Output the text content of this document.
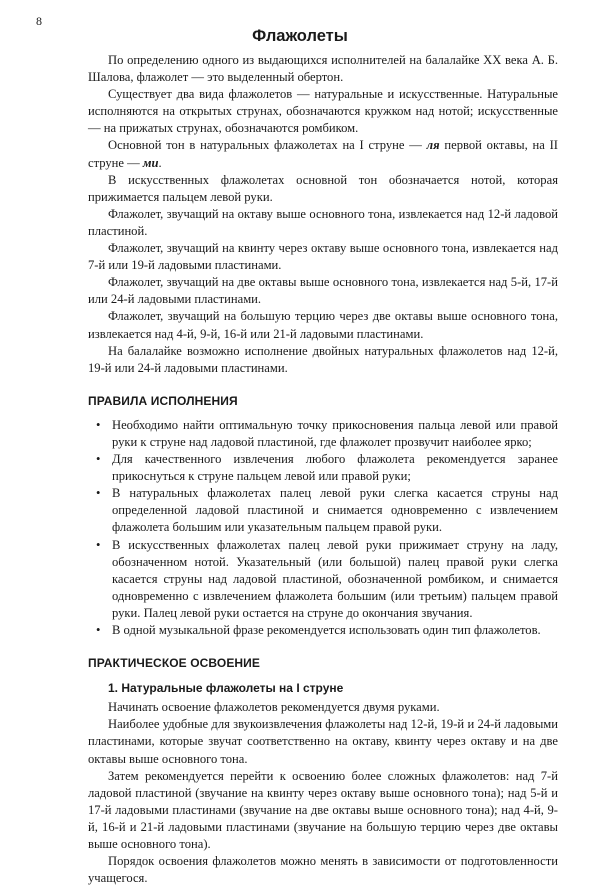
8
Флажолеты

По определению одного из выдающихся исполнителей на балалайке XX века А. Б. Шалова, флажолет — это выделенный обертон.

Существует два вида флажолетов — натуральные и искусственные. Натуральные исполняются на открытых струнах, обозначаются кружком над нотой; искусственные — на прижатых струнах, обозначаются ромбиком.

Основной тон в натуральных флажолетах на I струне — ля первой октавы, на II струне — ми.

В искусственных флажолетах основной тон обозначается нотой, которая прижимается пальцем левой руки.

Флажолет, звучащий на октаву выше основного тона, извлекается над 12-й ладовой пластиной.

Флажолет, звучащий на квинту через октаву выше основного тона, извлекается над 7-й или 19-й ладовыми пластинами.

Флажолет, звучащий на две октавы выше основного тона, извлекается над 5-й, 17-й или 24-й ладовыми пластинами.

Флажолет, звучащий на большую терцию через две октавы выше основного тона, извлекается над 4-й, 9-й, 16-й или 21-й ладовыми пластинами.

На балалайке возможно исполнение двойных натуральных флажолетов над 12-й, 19-й или 24-й ладовыми пластинами.

ПРАВИЛА ИСПОЛНЕНИЯ
• Необходимо найти оптимальную точку прикосновения пальца левой или правой руки к струне над ладовой пластиной, где флажолет прозвучит наиболее ярко;
• Для качественного извлечения любого флажолета рекомендуется заранее прикоснуться к струне пальцем левой или правой руки;
• В натуральных флажолетах палец левой руки слегка касается струны над определенной ладовой пластиной и снимается одновременно с извлечением флажолета большим или указательным пальцем правой руки.
• В искусственных флажолетах палец левой руки прижимает струну на ладу, обозначенном нотой. Указательный (или большой) палец правой руки слегка касается струны над ладовой пластиной, обозначенной ромбиком, и снимается одновременно с извлечением флажолета большим (или третьим) пальцем правой руки. Палец левой руки остается на струне до окончания звучания.
• В одной музыкальной фразе рекомендуется использовать один тип флажолетов.
ПРАКТИЧЕСКОЕ ОСВОЕНИЕ
1. Натуральные флажолеты на I струне

Начинать освоение флажолетов рекомендуется двумя руками.

Наиболее удобные для звукоизвлечения флажолеты над 12-й, 19-й и 24-й ладовыми пластинами, которые звучат соответственно на октаву, квинту через октаву и на две октавы выше основного тона.

Затем рекомендуется перейти к освоению более сложных флажолетов: над 7-й ладовой пластиной (звучание на квинту через октаву выше основного тона); над 5-й и 17-й ладовыми пластинами (звучание на две октавы выше основного тона); над 4-й, 9-й, 16-й и 21-й ладовыми пластинами (звучание на большую терцию через две октавы выше основного тона).

Порядок освоения флажолетов можно менять в зависимости от подготовленности учащегося.
